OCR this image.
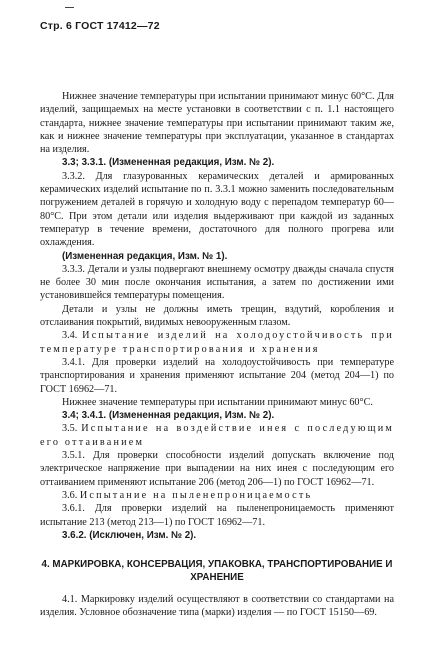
Стр. 6 ГОСТ 17412—72

Нижнее значение температуры при испытании принимают минус 60°С. Для изделий, защищаемых на месте установки в соответствии с п. 1.1 настоящего стандарта, нижнее значение температуры при испытании принимают таким же, как и нижнее значение температуры при эксплуатации, указанное в стандартах на изделия.

3.3; 3.3.1. (Измененная редакция, Изм. № 2).

3.3.2. Для глазурованных керамических деталей и армированных керамических изделий испытание по п. 3.3.1 можно заменить последовательным погружением деталей в горячую и холодную воду с перепадом температур 60—80°С. При этом детали или изделия выдерживают при каждой из заданных температур в течение времени, достаточного для полного прогрева или охлаждения.

(Измененная редакция, Изм. № 1).

3.3.3. Детали и узлы подвергают внешнему осмотру дважды сначала спустя не более 30 мин после окончания испытания, а затем по достижении ими установившейся температуры помещения.

Детали и узлы не должны иметь трещин, вздутий, коробления и отслаивания покрытий, видимых невооруженным глазом.

3.4. Испытание изделий на холодоустойчивость при температуре транспортирования и хранения

3.4.1. Для проверки изделий на холодоустойчивость при температуре транспортирования и хранения применяют испытание 204 (метод 204—1) по ГОСТ 16962—71.

Нижнее значение температуры при испытании принимают минус 60°С.

3.4; 3.4.1. (Измененная редакция, Изм. № 2).

3.5. Испытание на воздействие инея с последующим его оттаиванием

3.5.1. Для проверки способности изделий допускать включение под электрическое напряжение при выпадении на них инея с последующим его оттаиванием применяют испытание 206 (метод 206—1) по ГОСТ 16962—71.

3.6. Испытание на пыленепроницаемость

3.6.1. Для проверки изделий на пыленепроницаемость применяют испытание 213 (метод 213—1) по ГОСТ 16962—71.

3.6.2. (Исключен, Изм. № 2).

4. МАРКИРОВКА, КОНСЕРВАЦИЯ, УПАКОВКА, ТРАНСПОРТИРОВАНИЕ И ХРАНЕНИЕ

4.1. Маркировку изделий осуществляют в соответствии со стандартами на изделия. Условное обозначение типа (марки) изделия — по ГОСТ 15150—69.
